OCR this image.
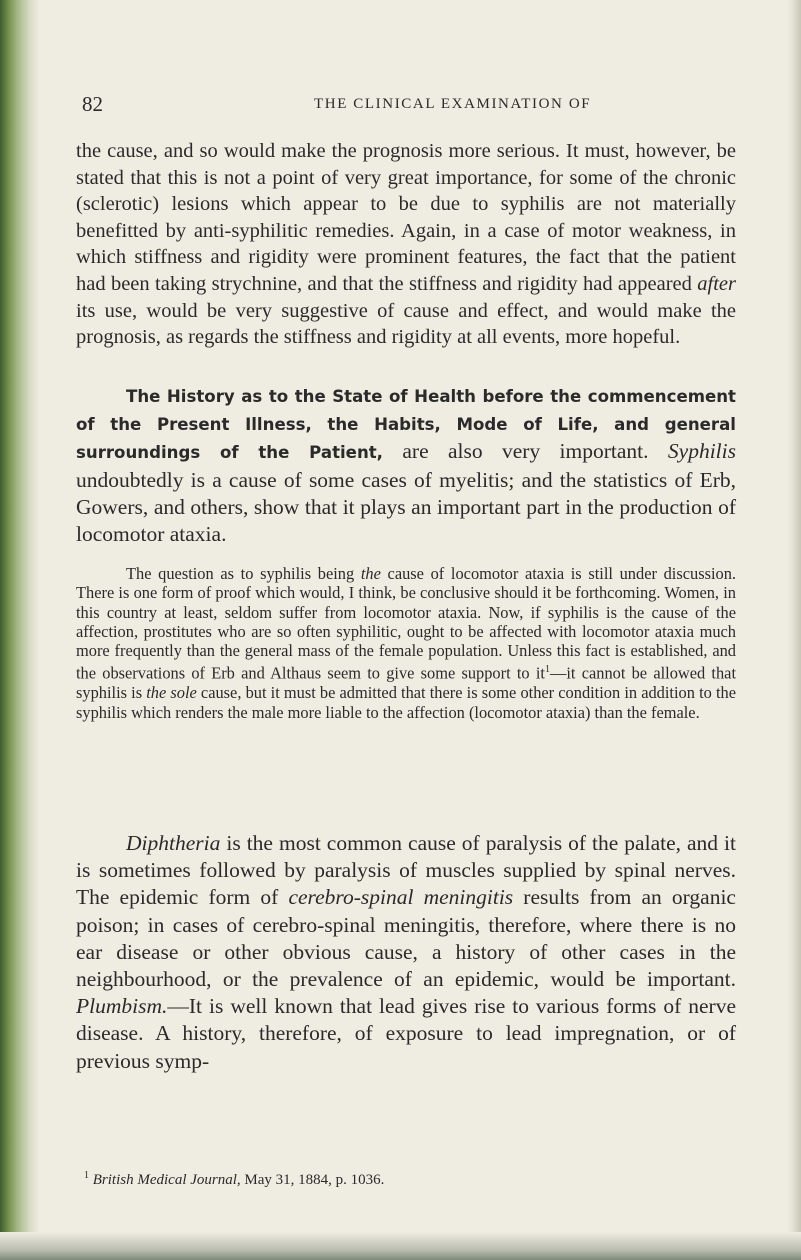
82	THE CLINICAL EXAMINATION OF

the cause, and so would make the prognosis more serious. It must, however, be stated that this is not a point of very great importance, for some of the chronic (sclerotic) lesions which appear to be due to syphilis are not materially benefitted by anti-syphilitic remedies. Again, in a case of motor weakness, in which stiffness and rigidity were prominent features, the fact that the patient had been taking strychnine, and that the stiffness and rigidity had appeared after its use, would be very suggestive of cause and effect, and would make the prognosis, as regards the stiffness and rigidity at all events, more hopeful.

The History as to the State of Health before the commencement of the Present Illness, the Habits, Mode of Life, and general surroundings of the Patient, are also very important. Syphilis undoubtedly is a cause of some cases of myelitis; and the statistics of Erb, Gowers, and others, show that it plays an important part in the production of locomotor ataxia.

The question as to syphilis being the cause of locomotor ataxia is still under discussion. There is one form of proof which would, I think, be conclusive should it be forthcoming. Women, in this country at least, seldom suffer from locomotor ataxia. Now, if syphilis is the cause of the affection, prostitutes who are so often syphilitic, ought to be affected with locomotor ataxia much more frequently than the general mass of the female population. Unless this fact is established, and the observations of Erb and Althaus seem to give some support to $it^1—it$ cannot be allowed that syphilis is the sole cause, but it must be admitted that there is some other condition in addition to the syphilis which renders the male more liable to the affection (locomotor ataxia) than the female.

Diphtheria is the most common cause of paralysis of the palate, and it is sometimes followed by paralysis of muscles supplied by spinal nerves. The epidemic form of cerebro-spinal meningitis results from an organic poison; in cases of cerebro-spinal meningitis, therefore, where there is no ear disease or other obvious cause, a history of other cases in the neighbourhood, or the prevalence of an epidemic, would be important. Plumbism.—It is well known that lead gives rise to various forms of nerve disease. A history, therefore, of exposure to lead impregnation, or of previous symp-

$^1$ British Medical Journal, May 31, 1884, p. 1036.
